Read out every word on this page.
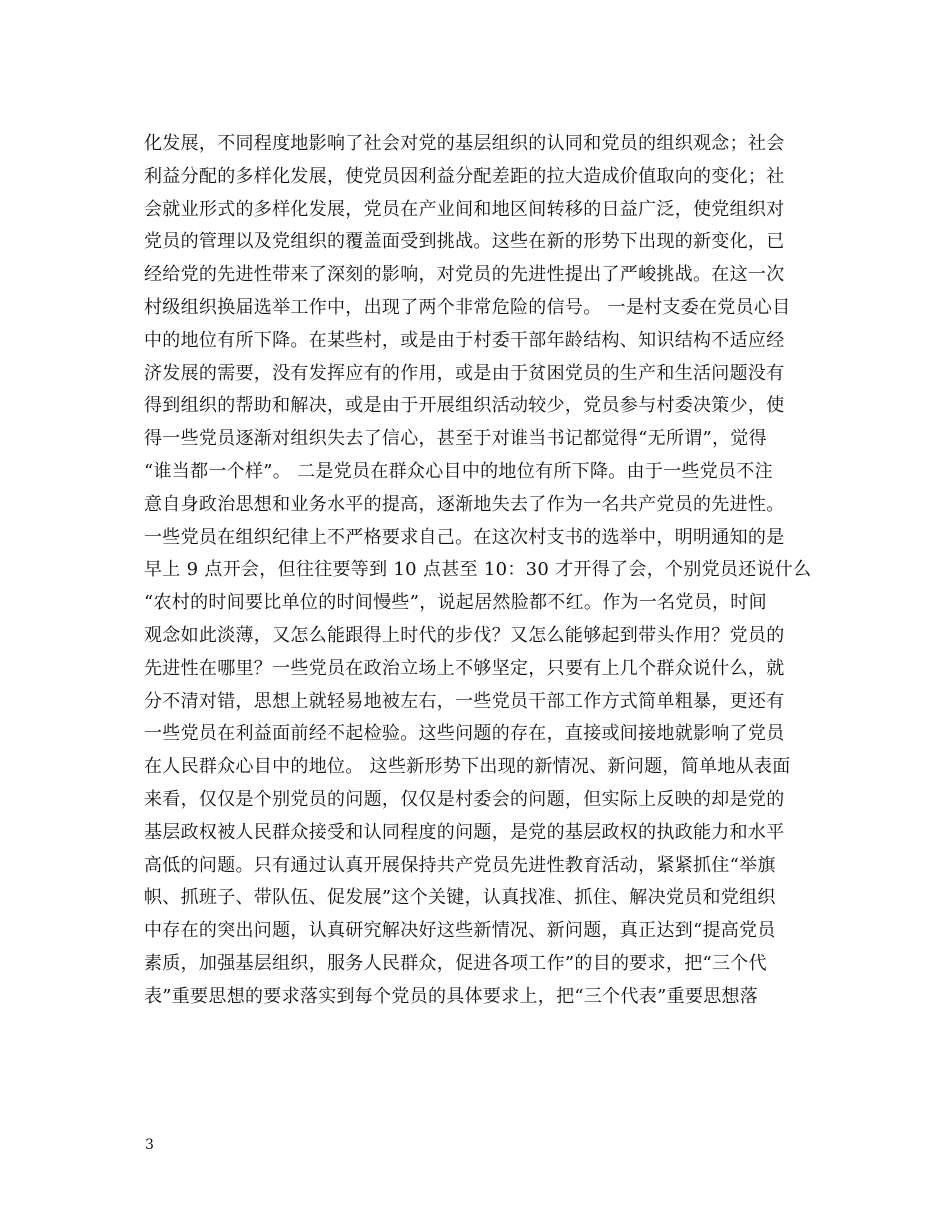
化发展，不同程度地影响了社会对党的基层组织的认同和党员的组织观念；社会
利益分配的多样化发展，使党员因利益分配差距的拉大造成价值取向的变化；社
会就业形式的多样化发展，党员在产业间和地区间转移的日益广泛，使党组织对
党员的管理以及党组织的覆盖面受到挑战。这些在新的形势下出现的新变化，已
经给党的先进性带来了深刻的影响，对党员的先进性提出了严峻挑战。在这一次
村级组织换届选举工作中，出现了两个非常危险的信号。 一是村支委在党员心目
中的地位有所下降。在某些村，或是由于村委干部年龄结构、知识结构不适应经
济发展的需要，没有发挥应有的作用，或是由于贫困党员的生产和生活问题没有
得到组织的帮助和解决，或是由于开展组织活动较少，党员参与村委决策少，使
得一些党员逐渐对组织失去了信心，甚至于对谁当书记都觉得“无所谓”，觉得
“谁当都一个样”。 二是党员在群众心目中的地位有所下降。由于一些党员不注
意自身政治思想和业务水平的提高，逐渐地失去了作为一名共产党员的先进性。
一些党员在组织纪律上不严格要求自己。在这次村支书的选举中，明明通知的是
早上 9 点开会，但往往要等到 10 点甚至 10：30 才开得了会，个别党员还说什么
“农村的时间要比单位的时间慢些”，说起居然脸都不红。作为一名党员，时间
观念如此淡薄，又怎么能跟得上时代的步伐？又怎么能够起到带头作用？党员的
先进性在哪里？一些党员在政治立场上不够坚定，只要有上几个群众说什么，就
分不清对错，思想上就轻易地被左右，一些党员干部工作方式简单粗暴，更还有
一些党员在利益面前经不起检验。这些问题的存在，直接或间接地就影响了党员
在人民群众心目中的地位。 这些新形势下出现的新情况、新问题，简单地从表面
来看，仅仅是个别党员的问题，仅仅是村委会的问题，但实际上反映的却是党的
基层政权被人民群众接受和认同程度的问题，是党的基层政权的执政能力和水平
高低的问题。只有通过认真开展保持共产党员先进性教育活动，紧紧抓住“举旗
帜、抓班子、带队伍、促发展”这个关键，认真找准、抓住、解决党员和党组织
中存在的突出问题，认真研究解决好这些新情况、新问题，真正达到“提高党员
素质，加强基层组织，服务人民群众，促进各项工作”的目的要求，把“三个代
表”重要思想的要求落实到每个党员的具体要求上，把“三个代表”重要思想落
3
